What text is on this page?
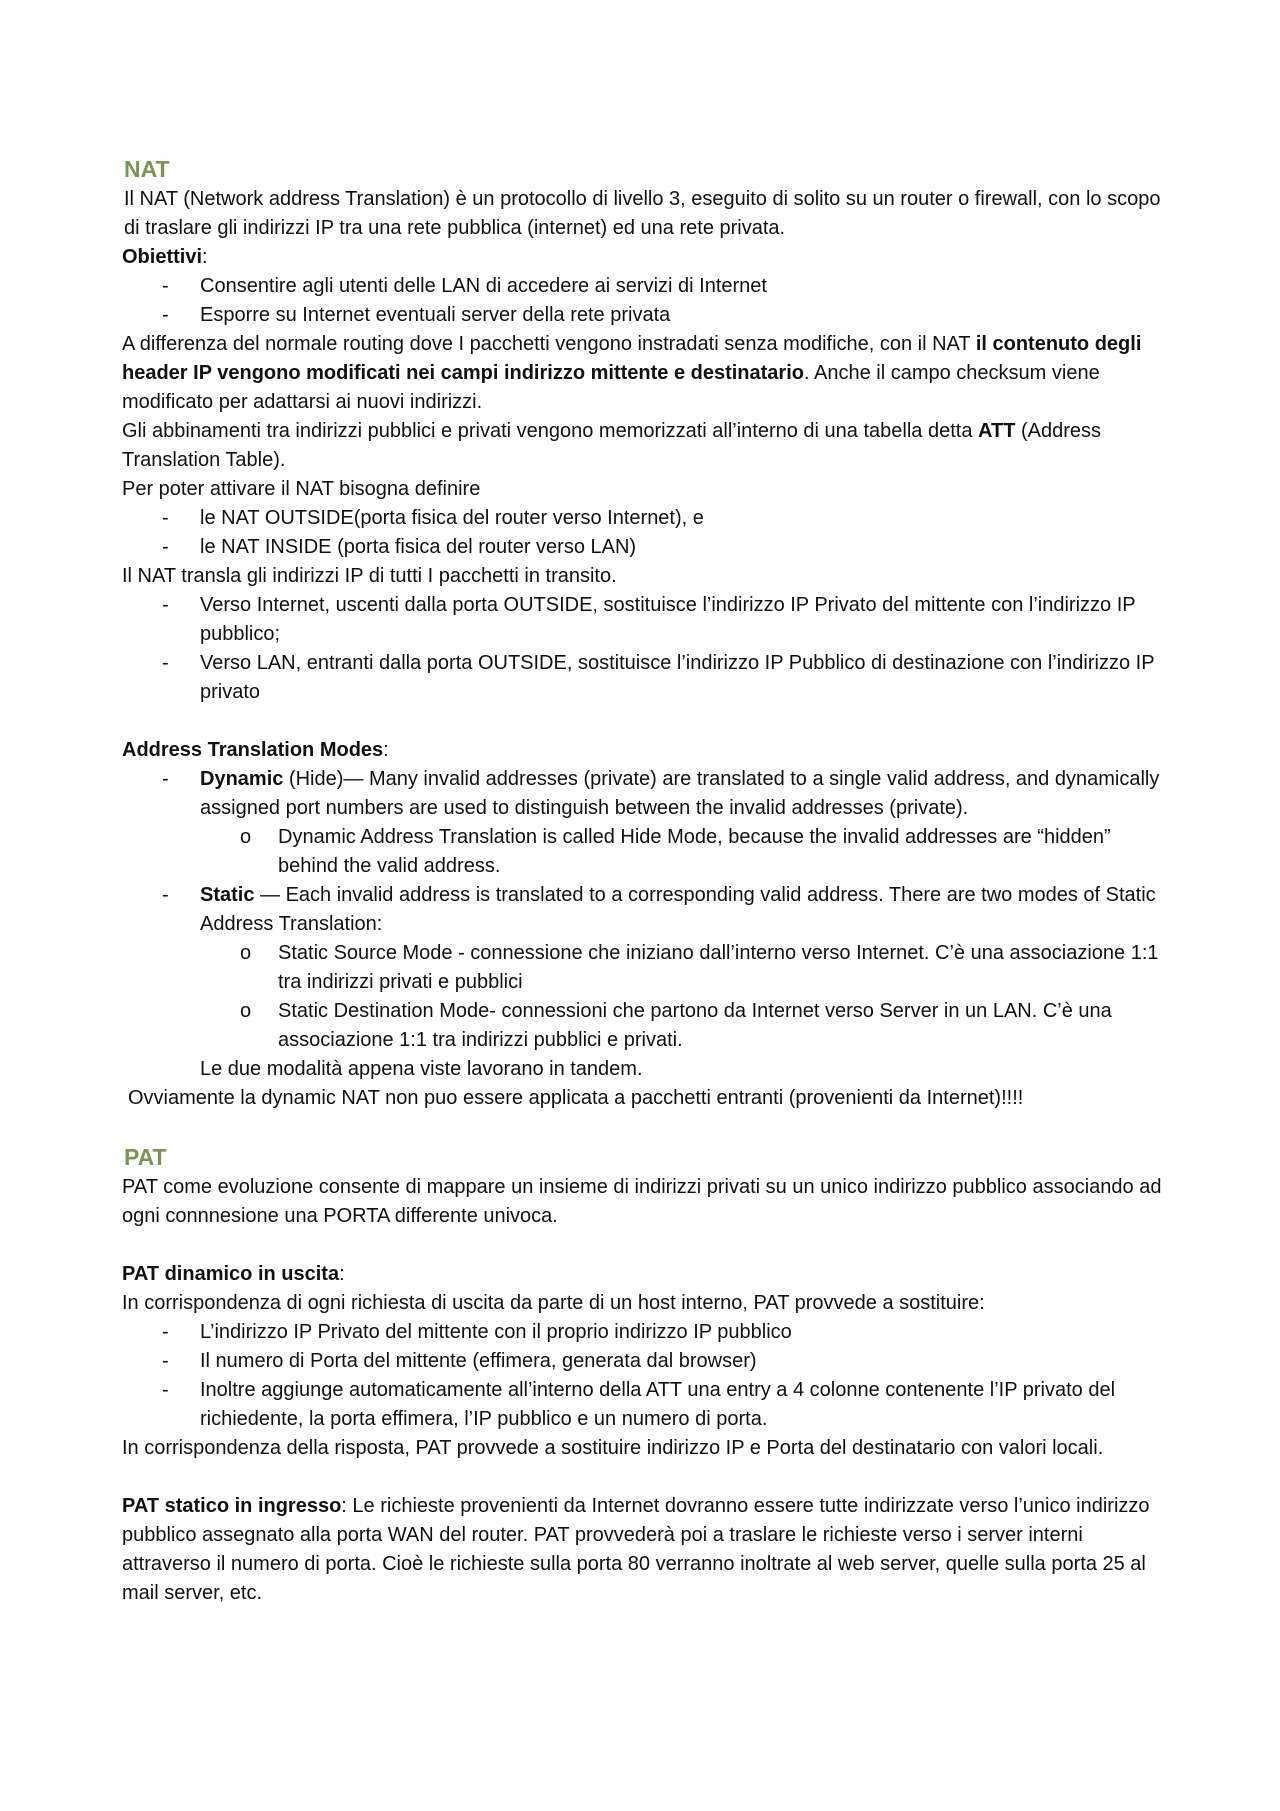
NAT

Il NAT (Network address Translation) è un protocollo di livello 3, eseguito di solito su un router o firewall, con lo scopo di traslare gli indirizzi IP tra una rete pubblica (internet) ed una rete privata.

Obiettivi:

- Consentire agli utenti delle LAN di accedere ai servizi di Internet
- Esporre su Internet eventuali server della rete privata

A differenza del normale routing dove I pacchetti vengono instradati senza modifiche, con il NAT il contenuto degli header IP vengono modificati nei campi indirizzo mittente e destinatario. Anche il campo checksum viene modificato per adattarsi ai nuovi indirizzi.

Gli abbinamenti tra indirizzi pubblici e privati vengono memorizzati all’interno di una tabella detta ATT (Address Translation Table).

Per poter attivare il NAT bisogna definire

- le NAT OUTSIDE(porta fisica del router verso Internet), e
- le NAT INSIDE (porta fisica del router verso LAN)

Il NAT transla gli indirizzi IP di tutti I pacchetti in transito.

- Verso Internet, uscenti dalla porta OUTSIDE, sostituisce l’indirizzo IP Privato del mittente con l’indirizzo IP pubblico;
- Verso LAN, entranti dalla porta OUTSIDE, sostituisce l’indirizzo IP Pubblico di destinazione con l’indirizzo IP privato

Address Translation Modes:

- Dynamic (Hide)— Many invalid addresses (private) are translated to a single valid address, and dynamically assigned port numbers are used to distinguish between the invalid addresses (private).
o Dynamic Address Translation is called Hide Mode, because the invalid addresses are “hidden” behind the valid address.
- Static — Each invalid address is translated to a corresponding valid address. There are two modes of Static Address Translation:
o Static Source Mode - connessione che iniziano dall’interno verso Internet. C’è una associazione 1:1 tra indirizzi privati e pubblici
o Static Destination Mode- connessioni che partono da Internet verso Server in un LAN. C’è una associazione 1:1 tra indirizzi pubblici e privati.

Le due modalità appena viste lavorano in tandem.

Ovviamente la dynamic NAT non puo essere applicata a pacchetti entranti (provenienti da Internet)!!!!

PAT

PAT come evoluzione consente di mappare un insieme di indirizzi privati su un unico indirizzo pubblico associando ad ogni connnesione una PORTA differente univoca.

PAT dinamico in uscita:

In corrispondenza di ogni richiesta di uscita da parte di un host interno, PAT provvede a sostituire:

- L’indirizzo IP Privato del mittente con il proprio indirizzo IP pubblico
- Il numero di Porta del mittente (effimera, generata dal browser)
- Inoltre aggiunge automaticamente all’interno della ATT una entry a 4 colonne contenente l’IP privato del richiedente, la porta effimera, l’IP pubblico e un numero di porta.

In corrispondenza della risposta, PAT provvede a sostituire indirizzo IP e Porta del destinatario con valori locali.

PAT statico in ingresso: Le richieste provenienti da Internet dovranno essere tutte indirizzate verso l’unico indirizzo pubblico assegnato alla porta WAN del router. PAT provvederà poi a traslare le richieste verso i server interni attraverso il numero di porta. Cioè le richieste sulla porta 80 verranno inoltrate al web server, quelle sulla porta 25 al mail server, etc.
